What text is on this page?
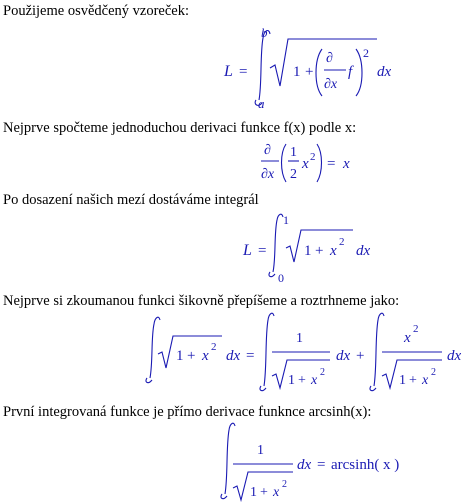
Použijeme osvědčený vzoreček:
Nejprve spočteme jednoduchou derivaci funkce f(x) podle x:
Po dosazení našich mezí dostáváme integrál
Nejprve si zkoumanou funkci šikovně přepíšeme a roztrhneme jako:
První integrovaná funkce je přímo derivace funknce arcsinh(x):
L =
b
a
1 +
∂
∂x
f
2
dx
∂
∂x
1
2
x 2 = x
L =
1
0
1 + x
2
dx
1 + x
2
dx =
1
1 + x
2
dx +
x
2
1 + x
2
dx
1
1 + x
2
dx = arcsinh( x )
